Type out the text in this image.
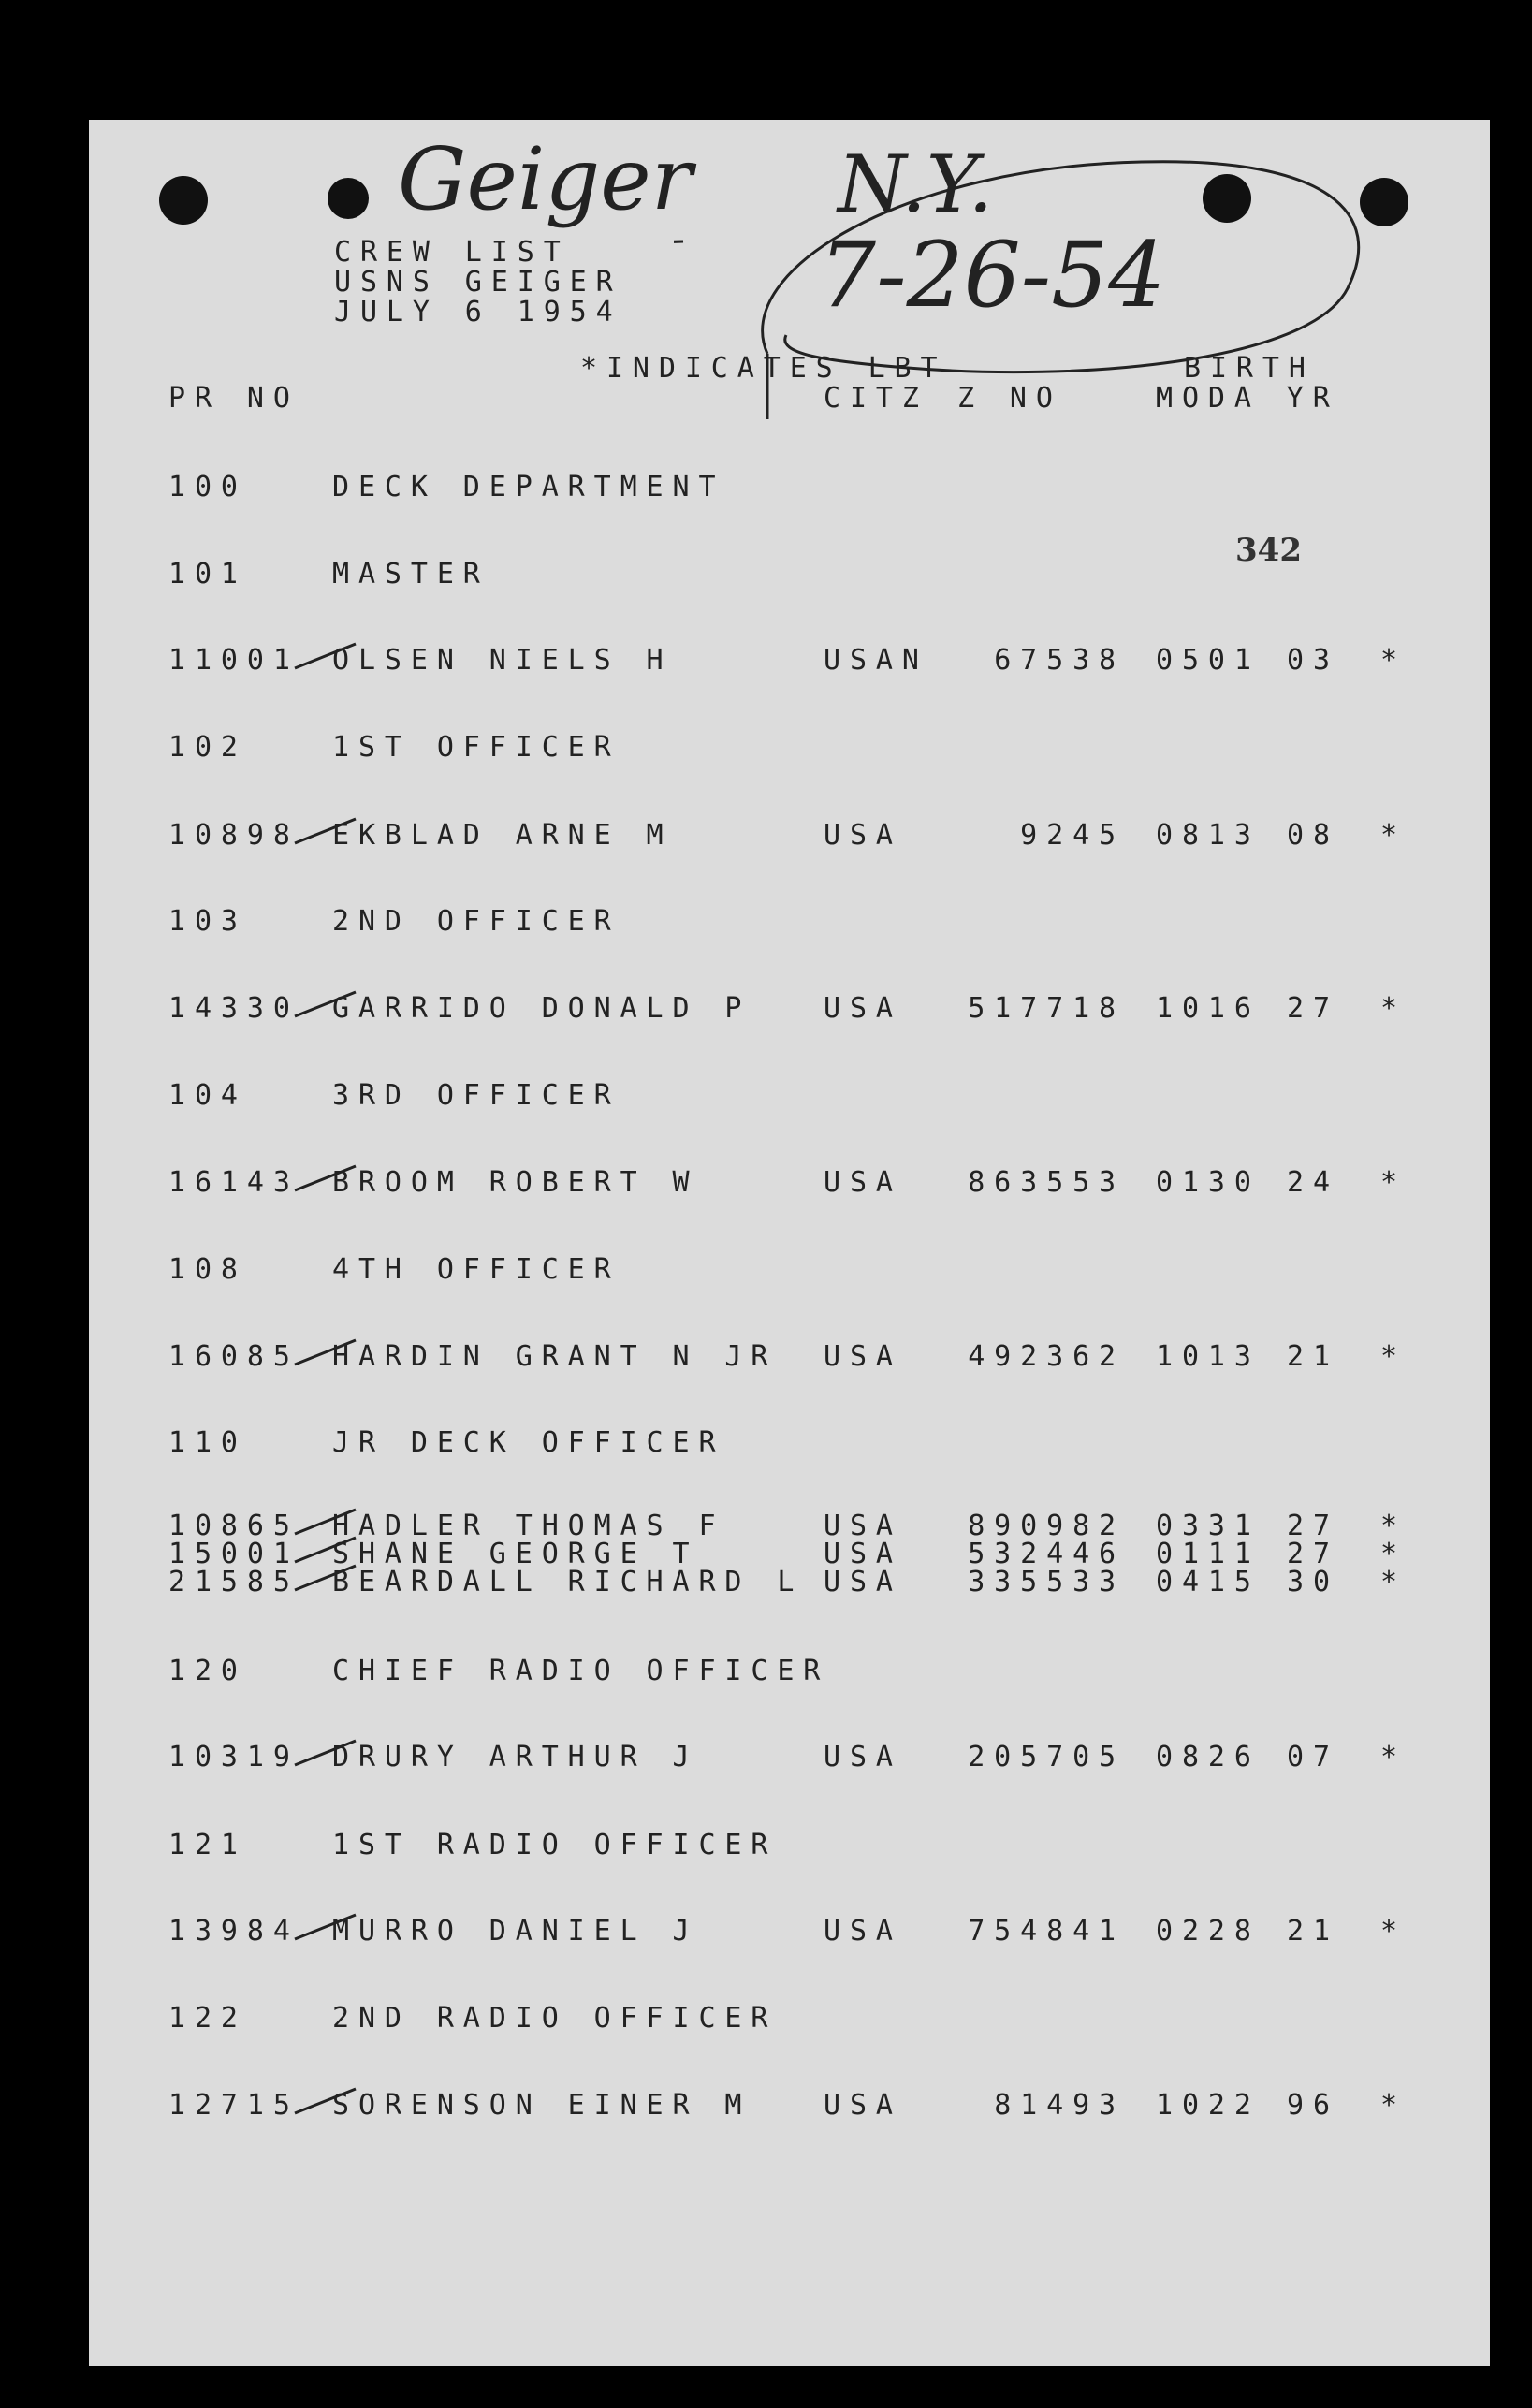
Geiger N.Y.
7-26-54
342
CREW LIST
USNS GEIGER
JULY 6 1954
PR NO
*INDICATES LBT
CITZ Z NO
BIRTH
MODA YR
100	DECK DEPARTMENT
101	MASTER
11001 OLSEN NIELS H	USAN 67538 0501 03 *
102	1ST OFFICER
10898 EKBLAD ARNE M	USA	9245 0813 08 *
103	2ND OFFICER
14330 GARRIDO DONALD P	USA 517718 1016 27 *
104	3RD OFFICER
16143 BROOM ROBERT W	USA 863553 0130 24 *
108	4TH OFFICER
16085 HARDIN GRANT N JR USA 492362 1013 21 *
110	JR DECK OFFICER
10865 HADLER THOMAS F	USA 890982 0331 27 *
15001 SHANE GEORGE T	USA 532446 0111 27 *
21585 BEARDALL RICHARD L USA 335533 0415 30 *
120	CHIEF RADIO OFFICER
10319 DRURY ARTHUR J	USA 205705 0826 07 *
121	1ST RADIO OFFICER
13984 MURRO DANIEL J	USA 754841 0228 21 *
122	2ND RADIO OFFICER
12715 SORENSON EINER M	USA	81493 1022 96 *
